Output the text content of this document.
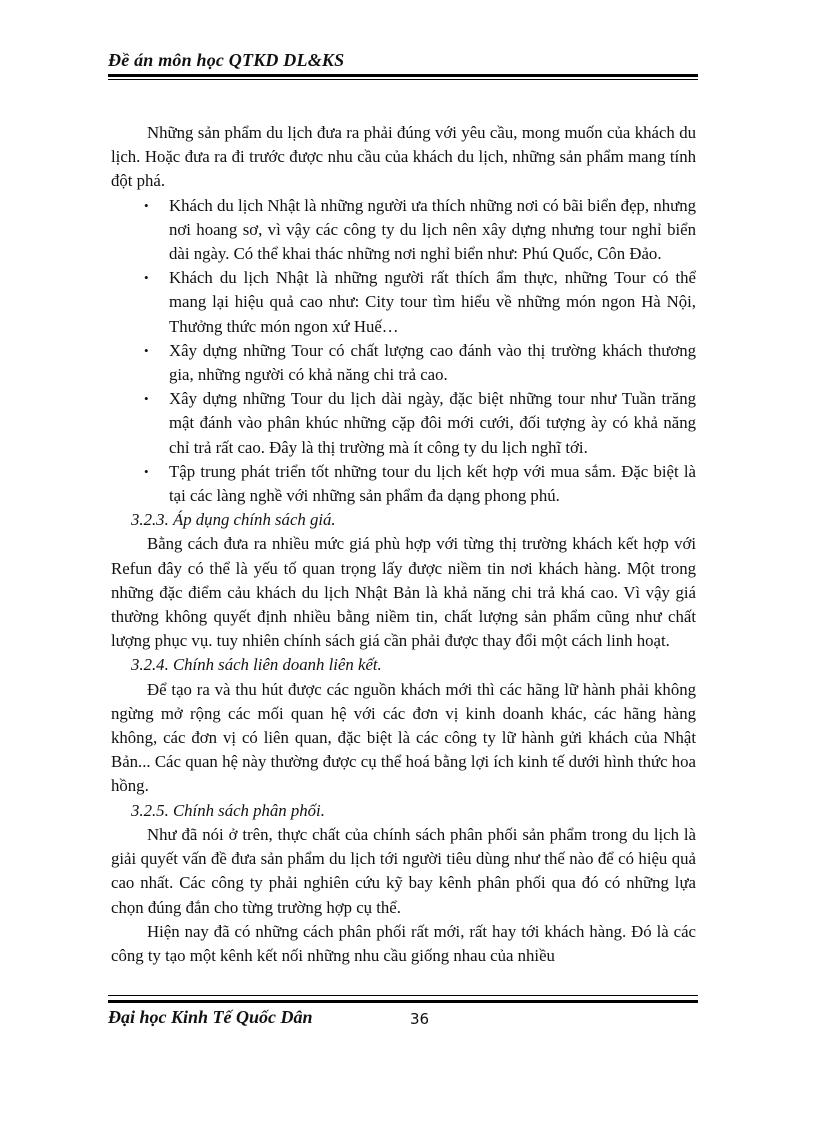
Đề án môn học QTKD DL&KS

Những sản phẩm du lịch đưa ra phải đúng với yêu cầu, mong muốn của khách du lịch. Hoặc đưa ra đi trước được nhu cầu của khách du lịch, những sản phẩm mang tính đột phá.

• Khách du lịch Nhật là những người ưa thích những nơi có bãi biển đẹp, nhưng nơi hoang sơ, vì vậy các công ty du lịch nên xây dựng nhưng tour nghỉ biển dài ngày. Có thể khai thác những nơi nghỉ biển như: Phú Quốc, Côn Đảo.
• Khách du lịch Nhật là những người rất thích ẩm thực, những Tour có thể mang lại hiệu quả cao như: City tour tìm hiểu về những món ngon Hà Nội, Thưởng thức món ngon xứ Huế…
• Xây dựng những Tour có chất lượng cao đánh vào thị trường khách thương gia, những người có khả năng chi trả cao.
• Xây dựng những Tour du lịch dài ngày, đặc biệt những tour như Tuần trăng mật đánh vào phân khúc những cặp đôi mới cưới, đối tượng ày có khả năng chỉ trả rất cao. Đây là thị trường mà ít công ty du lịch nghĩ tới.
• Tập trung phát triển tốt những tour du lịch kết hợp với mua sắm. Đặc biệt là tại các làng nghề với những sản phẩm đa dạng phong phú.

3.2.3. Áp dụng chính sách giá.

Bằng cách đưa ra nhiều mức giá phù hợp với từng thị trường khách kết hợp với Refun đây có thể là yếu tố quan trọng lấy được niềm tin nơi khách hàng. Một trong những đặc điểm cảu khách du lịch Nhật Bản là khả năng chi trả khá cao. Vì vậy giá thường không quyết định nhiều bằng niềm tin, chất lượng sản phẩm cũng như chất lượng phục vụ. tuy nhiên chính sách giá cần phải được thay đổi một cách linh hoạt.

3.2.4. Chính sách liên doanh liên kết.

Để tạo ra và thu hút được các nguồn khách mới thì các hãng lữ hành phải không ngừng mở rộng các mối quan hệ với các đơn vị kinh doanh khác, các hãng hàng không, các đơn vị có liên quan, đặc biệt là các công ty lữ hành gửi khách của Nhật Bản... Các quan hệ này thường được cụ thể hoá bằng lợi ích kinh tế dưới hình thức hoa hồng.

3.2.5. Chính sách phân phối.

Như đã nói ở trên, thực chất của chính sách phân phối sản phẩm trong du lịch là giải quyết vấn đề đưa sản phẩm du lịch tới người tiêu dùng như thế nào để có hiệu quả cao nhất. Các công ty phải nghiên cứu kỹ bay kênh phân phối qua đó có những lựa chọn đúng đắn cho từng trường hợp cụ thể.

Hiện nay đã có những cách phân phối rất mới, rất hay tới khách hàng. Đó là các công ty tạo một kênh kết nối những nhu cầu giống nhau của nhiều

Đại học Kinh Tế Quốc Dân	36
